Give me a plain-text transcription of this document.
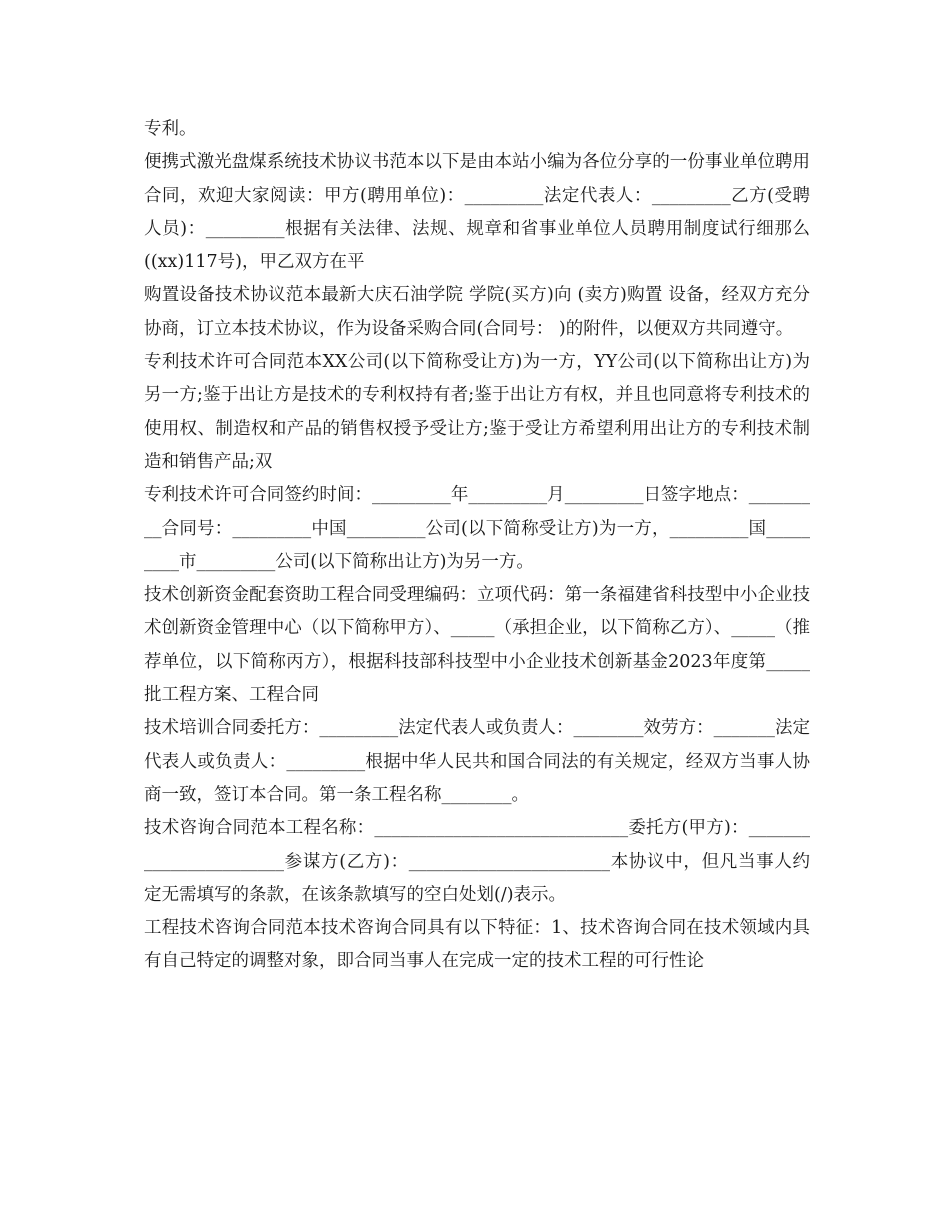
专利。

便携式激光盘煤系统技术协议书范本以下是由本站小编为各位分享的一份事业单位聘用合同，欢迎大家阅读：甲方(聘用单位)：_________法定代表人：_________乙方(受聘人员)：_________根据有关法律、法规、规章和省事业单位人员聘用制度试行细那么((xx)117号)，甲乙双方在平

购置设备技术协议范本最新大庆石油学院 学院(买方)向 (卖方)购置 设备，经双方充分协商，订立本技术协议，作为设备采购合同(合同号： )的附件，以便双方共同遵守。

专利技术许可合同范本XX公司(以下简称受让方)为一方，YY公司(以下简称出让方)为另一方;鉴于出让方是技术的专利权持有者;鉴于出让方有权，并且也同意将专利技术的使用权、制造权和产品的销售权授予受让方;鉴于受让方希望利用出让方的专利技术制造和销售产品;双

专利技术许可合同签约时间：_________年_________月_________日签字地点：_________合同号：_________中国_________公司(以下简称受让方)为一方，_________国_________市_________公司(以下简称出让方)为另一方。

技术创新资金配套资助工程合同受理编码：立项代码：第一条福建省科技型中小企业技术创新资金管理中心（以下简称甲方）、_____（承担企业，以下简称乙方）、_____（推荐单位，以下简称丙方），根据科技部科技型中小企业技术创新基金2023年度第_____批工程方案、工程合同

技术培训合同委托方：_________法定代表人或负责人：________效劳方：_______法定代表人或负责人：_________根据中华人民共和国合同法的有关规定，经双方当事人协商一致，签订本合同。第一条工程名称________。

技术咨询合同范本工程名称：_____________________________委托方(甲方)：_______________________参谋方(乙方)：_______________________本协议中，但凡当事人约定无需填写的条款，在该条款填写的空白处划(/)表示。

工程技术咨询合同范本技术咨询合同具有以下特征：1、技术咨询合同在技术领域内具有自己特定的调整对象，即合同当事人在完成一定的技术工程的可行性论
